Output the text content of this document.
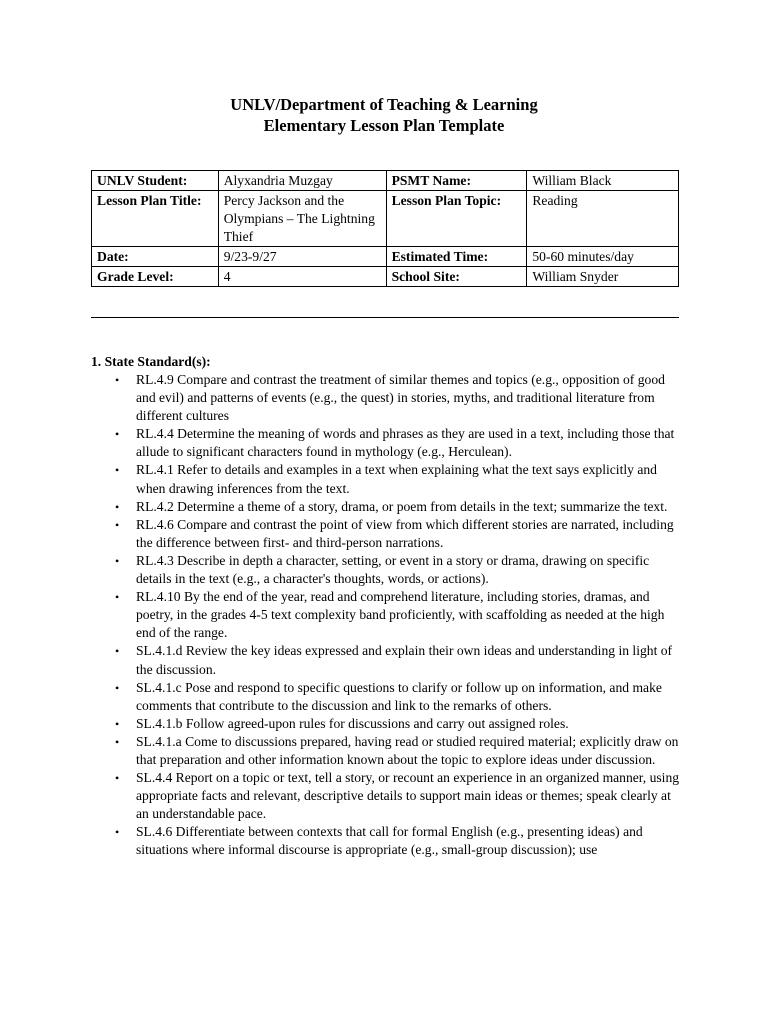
UNLV/Department of Teaching & Learning
Elementary Lesson Plan Template
UNLV Student:	Alyxandria Muzgay	PSMT Name:	William Black
Lesson Plan Title:	Percy Jackson and the Olympians – The Lightning Thief	Lesson Plan Topic:	Reading
Date:	9/23-9/27	Estimated Time:	50-60 minutes/day
Grade Level:	4	School Site:	William Snyder
1. State Standard(s):
• RL.4.9 Compare and contrast the treatment of similar themes and topics (e.g., opposition of good and evil) and patterns of events (e.g., the quest) in stories, myths, and traditional literature from different cultures
• RL.4.4 Determine the meaning of words and phrases as they are used in a text, including those that allude to significant characters found in mythology (e.g., Herculean).
• RL.4.1 Refer to details and examples in a text when explaining what the text says explicitly and when drawing inferences from the text.
• RL.4.2 Determine a theme of a story, drama, or poem from details in the text; summarize the text.
• RL.4.6 Compare and contrast the point of view from which different stories are narrated, including the difference between first- and third-person narrations.
• RL.4.3 Describe in depth a character, setting, or event in a story or drama, drawing on specific details in the text (e.g., a character's thoughts, words, or actions).
• RL.4.10 By the end of the year, read and comprehend literature, including stories, dramas, and poetry, in the grades 4-5 text complexity band proficiently, with scaffolding as needed at the high end of the range.
• SL.4.1.d Review the key ideas expressed and explain their own ideas and understanding in light of the discussion.
• SL.4.1.c Pose and respond to specific questions to clarify or follow up on information, and make comments that contribute to the discussion and link to the remarks of others.
• SL.4.1.b Follow agreed-upon rules for discussions and carry out assigned roles.
• SL.4.1.a Come to discussions prepared, having read or studied required material; explicitly draw on that preparation and other information known about the topic to explore ideas under discussion.
• SL.4.4 Report on a topic or text, tell a story, or recount an experience in an organized manner, using appropriate facts and relevant, descriptive details to support main ideas or themes; speak clearly at an understandable pace.
• SL.4.6 Differentiate between contexts that call for formal English (e.g., presenting ideas) and situations where informal discourse is appropriate (e.g., small-group discussion); use
